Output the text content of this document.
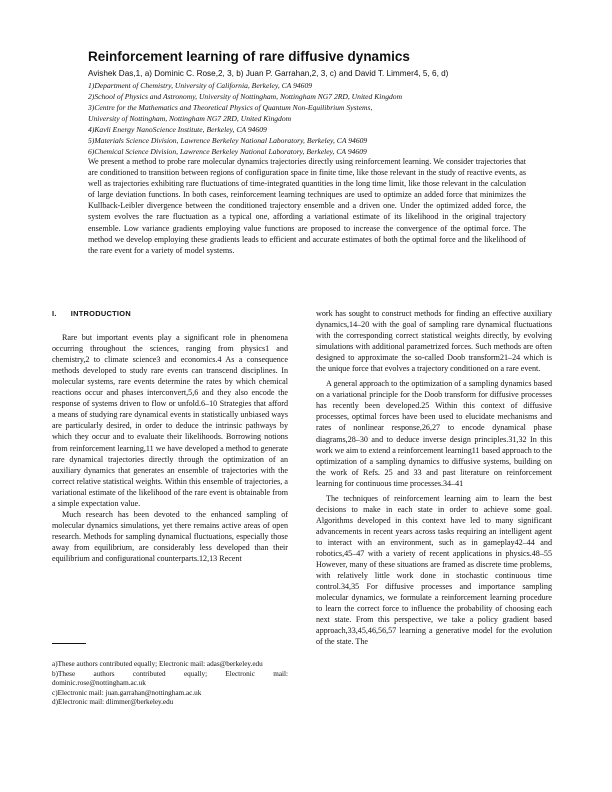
Reinforcement learning of rare diffusive dynamics
Avishek Das,1, a) Dominic C. Rose,2, 3, b) Juan P. Garrahan,2, 3, c) and David T. Limmer4, 5, 6, d)
1)Department of Chemistry, University of California, Berkeley, CA 94609
2)School of Physics and Astronomy, University of Nottingham, Nottingham NG7 2RD, United Kingdom
3)Centre for the Mathematics and Theoretical Physics of Quantum Non-Equilibrium Systems,
University of Nottingham, Nottingham NG7 2RD, United Kingdom
4)Kavli Energy NanoScience Institute, Berkeley, CA 94609
5)Materials Science Division, Lawrence Berkeley National Laboratory, Berkeley, CA 94609
6)Chemical Science Division, Lawrence Berkeley National Laboratory, Berkeley, CA 94609
We present a method to probe rare molecular dynamics trajectories directly using reinforcement learning. We consider trajectories that are conditioned to transition between regions of configuration space in finite time, like those relevant in the study of reactive events, as well as trajectories exhibiting rare fluctuations of time-integrated quantities in the long time limit, like those relevant in the calculation of large deviation functions. In both cases, reinforcement learning techniques are used to optimize an added force that minimizes the Kullback-Leibler divergence between the conditioned trajectory ensemble and a driven one. Under the optimized added force, the system evolves the rare fluctuation as a typical one, affording a variational estimate of its likelihood in the original trajectory ensemble. Low variance gradients employing value functions are proposed to increase the convergence of the optimal force. The method we develop employing these gradients leads to efficient and accurate estimates of both the optimal force and the likelihood of the rare event for a variety of model systems.
I. INTRODUCTION

Rare but important events play a significant role in phenomena occurring throughout the sciences, ranging from physics1 and chemistry,2 to climate science3 and economics.4 As a consequence methods developed to study rare events can transcend disciplines. In molecular systems, rare events determine the rates by which chemical reactions occur and phases interconvert,5,6 and they also encode the response of systems driven to flow or unfold.6–10 Strategies that afford a means of studying rare dynamical events in statistically unbiased ways are particularly desired, in order to deduce the intrinsic pathways by which they occur and to evaluate their likelihoods. Borrowing notions from reinforcement learning,11 we have developed a method to generate rare dynamical trajectories directly through the optimization of an auxiliary dynamics that generates an ensemble of trajectories with the correct relative statistical weights. Within this ensemble of trajectories, a variational estimate of the likelihood of the rare event is obtainable from a simple expectation value.

Much research has been devoted to the enhanced sampling of molecular dynamics simulations, yet there remains active areas of open research. Methods for sampling dynamical fluctuations, especially those away from equilibrium, are considerably less developed than their equilibrium and configurational counterparts.12,13 Recent

a)These authors contributed equally; Electronic mail: adas@berkeley.edu

b)These authors contributed equally; Electronic mail: dominic.rose@nottingham.ac.uk

c)Electronic mail: juan.garrahan@nottingham.ac.uk

d)Electronic mail: dlimmer@berkeley.edu

work has sought to construct methods for finding an effective auxiliary dynamics,14–20 with the goal of sampling rare dynamical fluctuations with the corresponding correct statistical weights directly, by evolving simulations with additional parametrized forces. Such methods are often designed to approximate the so-called Doob transform21–24 which is the unique force that evolves a trajectory conditioned on a rare event.

A general approach to the optimization of a sampling dynamics based on a variational principle for the Doob transform for diffusive processes has recently been developed.25 Within this context of diffusive processes, optimal forces have been used to elucidate mechanisms and rates of nonlinear response,26,27 to encode dynamical phase diagrams,28–30 and to deduce inverse design principles.31,32 In this work we aim to extend a reinforcement learning11 based approach to the optimization of a sampling dynamics to diffusive systems, building on the work of Refs. 25 and 33 and past literature on reinforcement learning for continuous time processes.34–41

The techniques of reinforcement learning aim to learn the best decisions to make in each state in order to achieve some goal. Algorithms developed in this context have led to many significant advancements in recent years across tasks requiring an intelligent agent to interact with an environment, such as in gameplay42–44 and robotics,45–47 with a variety of recent applications in physics.48–55 However, many of these situations are framed as discrete time problems, with relatively little work done in stochastic continuous time control.34,35 For diffusive processes and importance sampling molecular dynamics, we formulate a reinforcement learning procedure to learn the correct force to influence the probability of choosing each next state. From this perspective, we take a policy gradient based approach,33,45,46,56,57 learning a generative model for the evolution of the state. The
